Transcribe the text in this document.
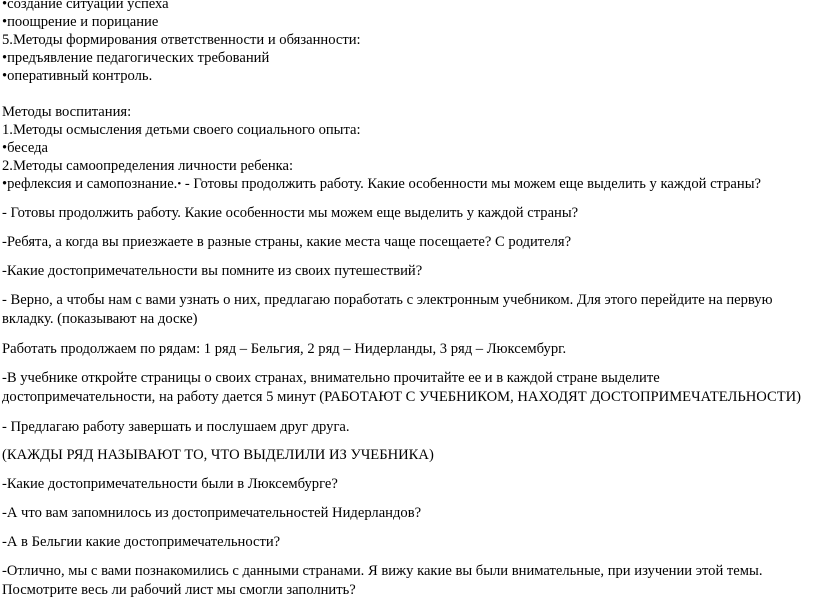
•создание ситуации успеха
•поощрение и порицание
5.Методы формирования ответственности и обязанности:
•предъявление педагогических требований
•оперативный контроль.

Методы воспитания:
1.Методы осмысления детьми своего социального опыта:
•беседа
2.Методы самоопределения личности ребенка:
•рефлексия и самопознание.• - Готовы продолжить работу. Какие особенности мы можем еще выделить у каждой страны?
- Готовы продолжить работу. Какие особенности мы можем еще выделить у каждой страны?
-Ребята, а когда вы приезжаете в разные страны, какие места чаще посещаете? С родителя?
-Какие достопримечательности вы помните из своих путешествий?
- Верно, а чтобы нам с вами узнать о них, предлагаю поработать с электронным учебником. Для этого перейдите на первую вкладку. (показывают на доске)
Работать продолжаем по рядам: 1 ряд – Бельгия, 2 ряд – Нидерланды, 3 ряд – Люксембург.
-В учебнике откройте страницы о своих странах, внимательно прочитайте ее и в каждой стране выделите достопримечательности, на работу дается 5 минут (РАБОТАЮТ С УЧЕБНИКОМ, НАХОДЯТ ДОСТОПРИМЕЧАТЕЛЬНОСТИ)
- Предлагаю работу завершать и послушаем друг друга.
(КАЖДЫ РЯД НАЗЫВАЮТ ТО, ЧТО ВЫДЕЛИЛИ ИЗ УЧЕБНИКА)
-Какие достопримечательности были в Люксембурге?
-А что вам запомнилось из достопримечательностей Нидерландов?
-А в Бельгии какие достопримечательности?
-Отлично, мы с вами познакомились с данными странами. Я вижу какие вы были внимательные, при изучении этой темы. Посмотрите весь ли рабочий лист мы смогли заполнить?
